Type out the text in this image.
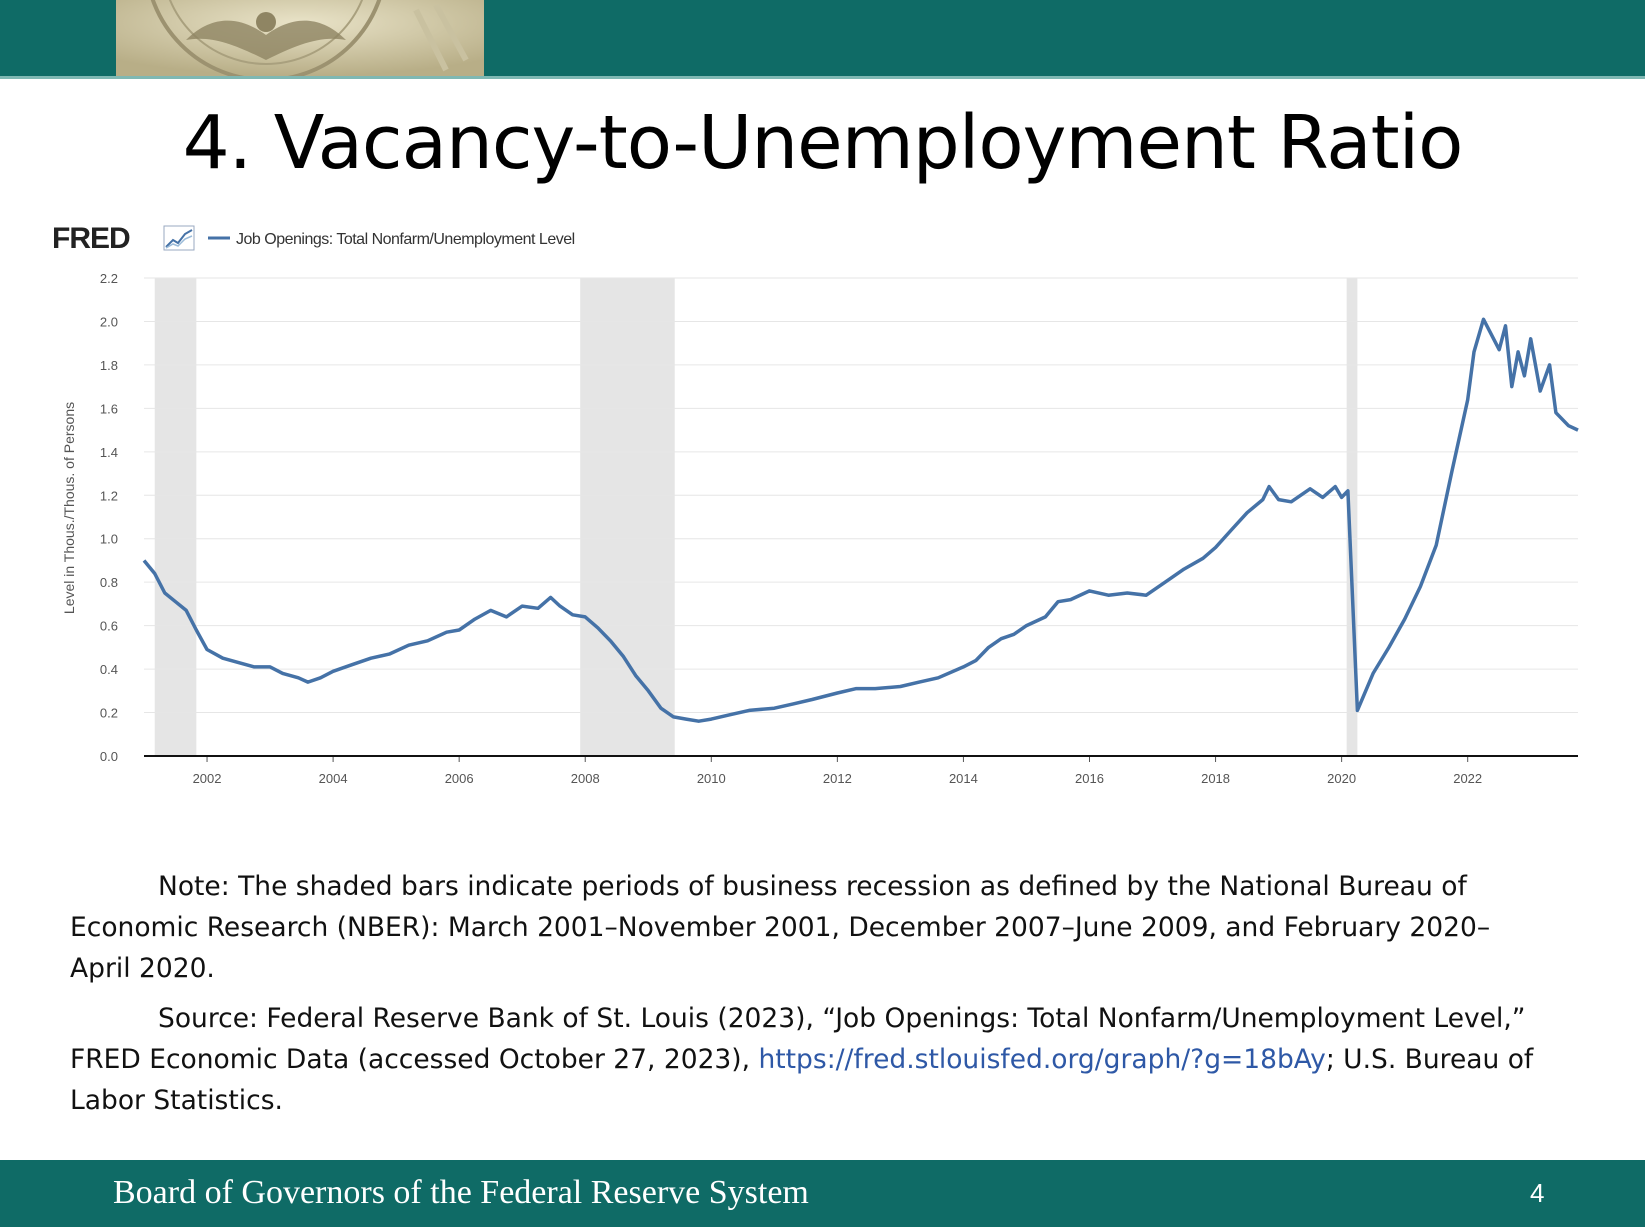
4. Vacancy-to-Unemployment Ratio
FRED	Job Openings: Total Nonfarm/Unemployment Level
Level in Thous./Thous. of Persons
0.0
0.2
0.4
0.6
0.8
1.0
1.2
1.4
1.6
1.8
2.0
2.2
2002	2004	2006	2008	2010	2012	2014	2016	2018	2020	2022

Note: The shaded bars indicate periods of business recession as defined by the National Bureau of Economic Research (NBER): March 2001–November 2001, December 2007–June 2009, and February 2020–April 2020.

Source: Federal Reserve Bank of St. Louis (2023), “Job Openings: Total Nonfarm/Unemployment Level,” FRED Economic Data (accessed October 27, 2023), https://fred.stlouisfed.org/graph/?g=18bAy; U.S. Bureau of Labor Statistics.

Board of Governors of the Federal Reserve System	4
